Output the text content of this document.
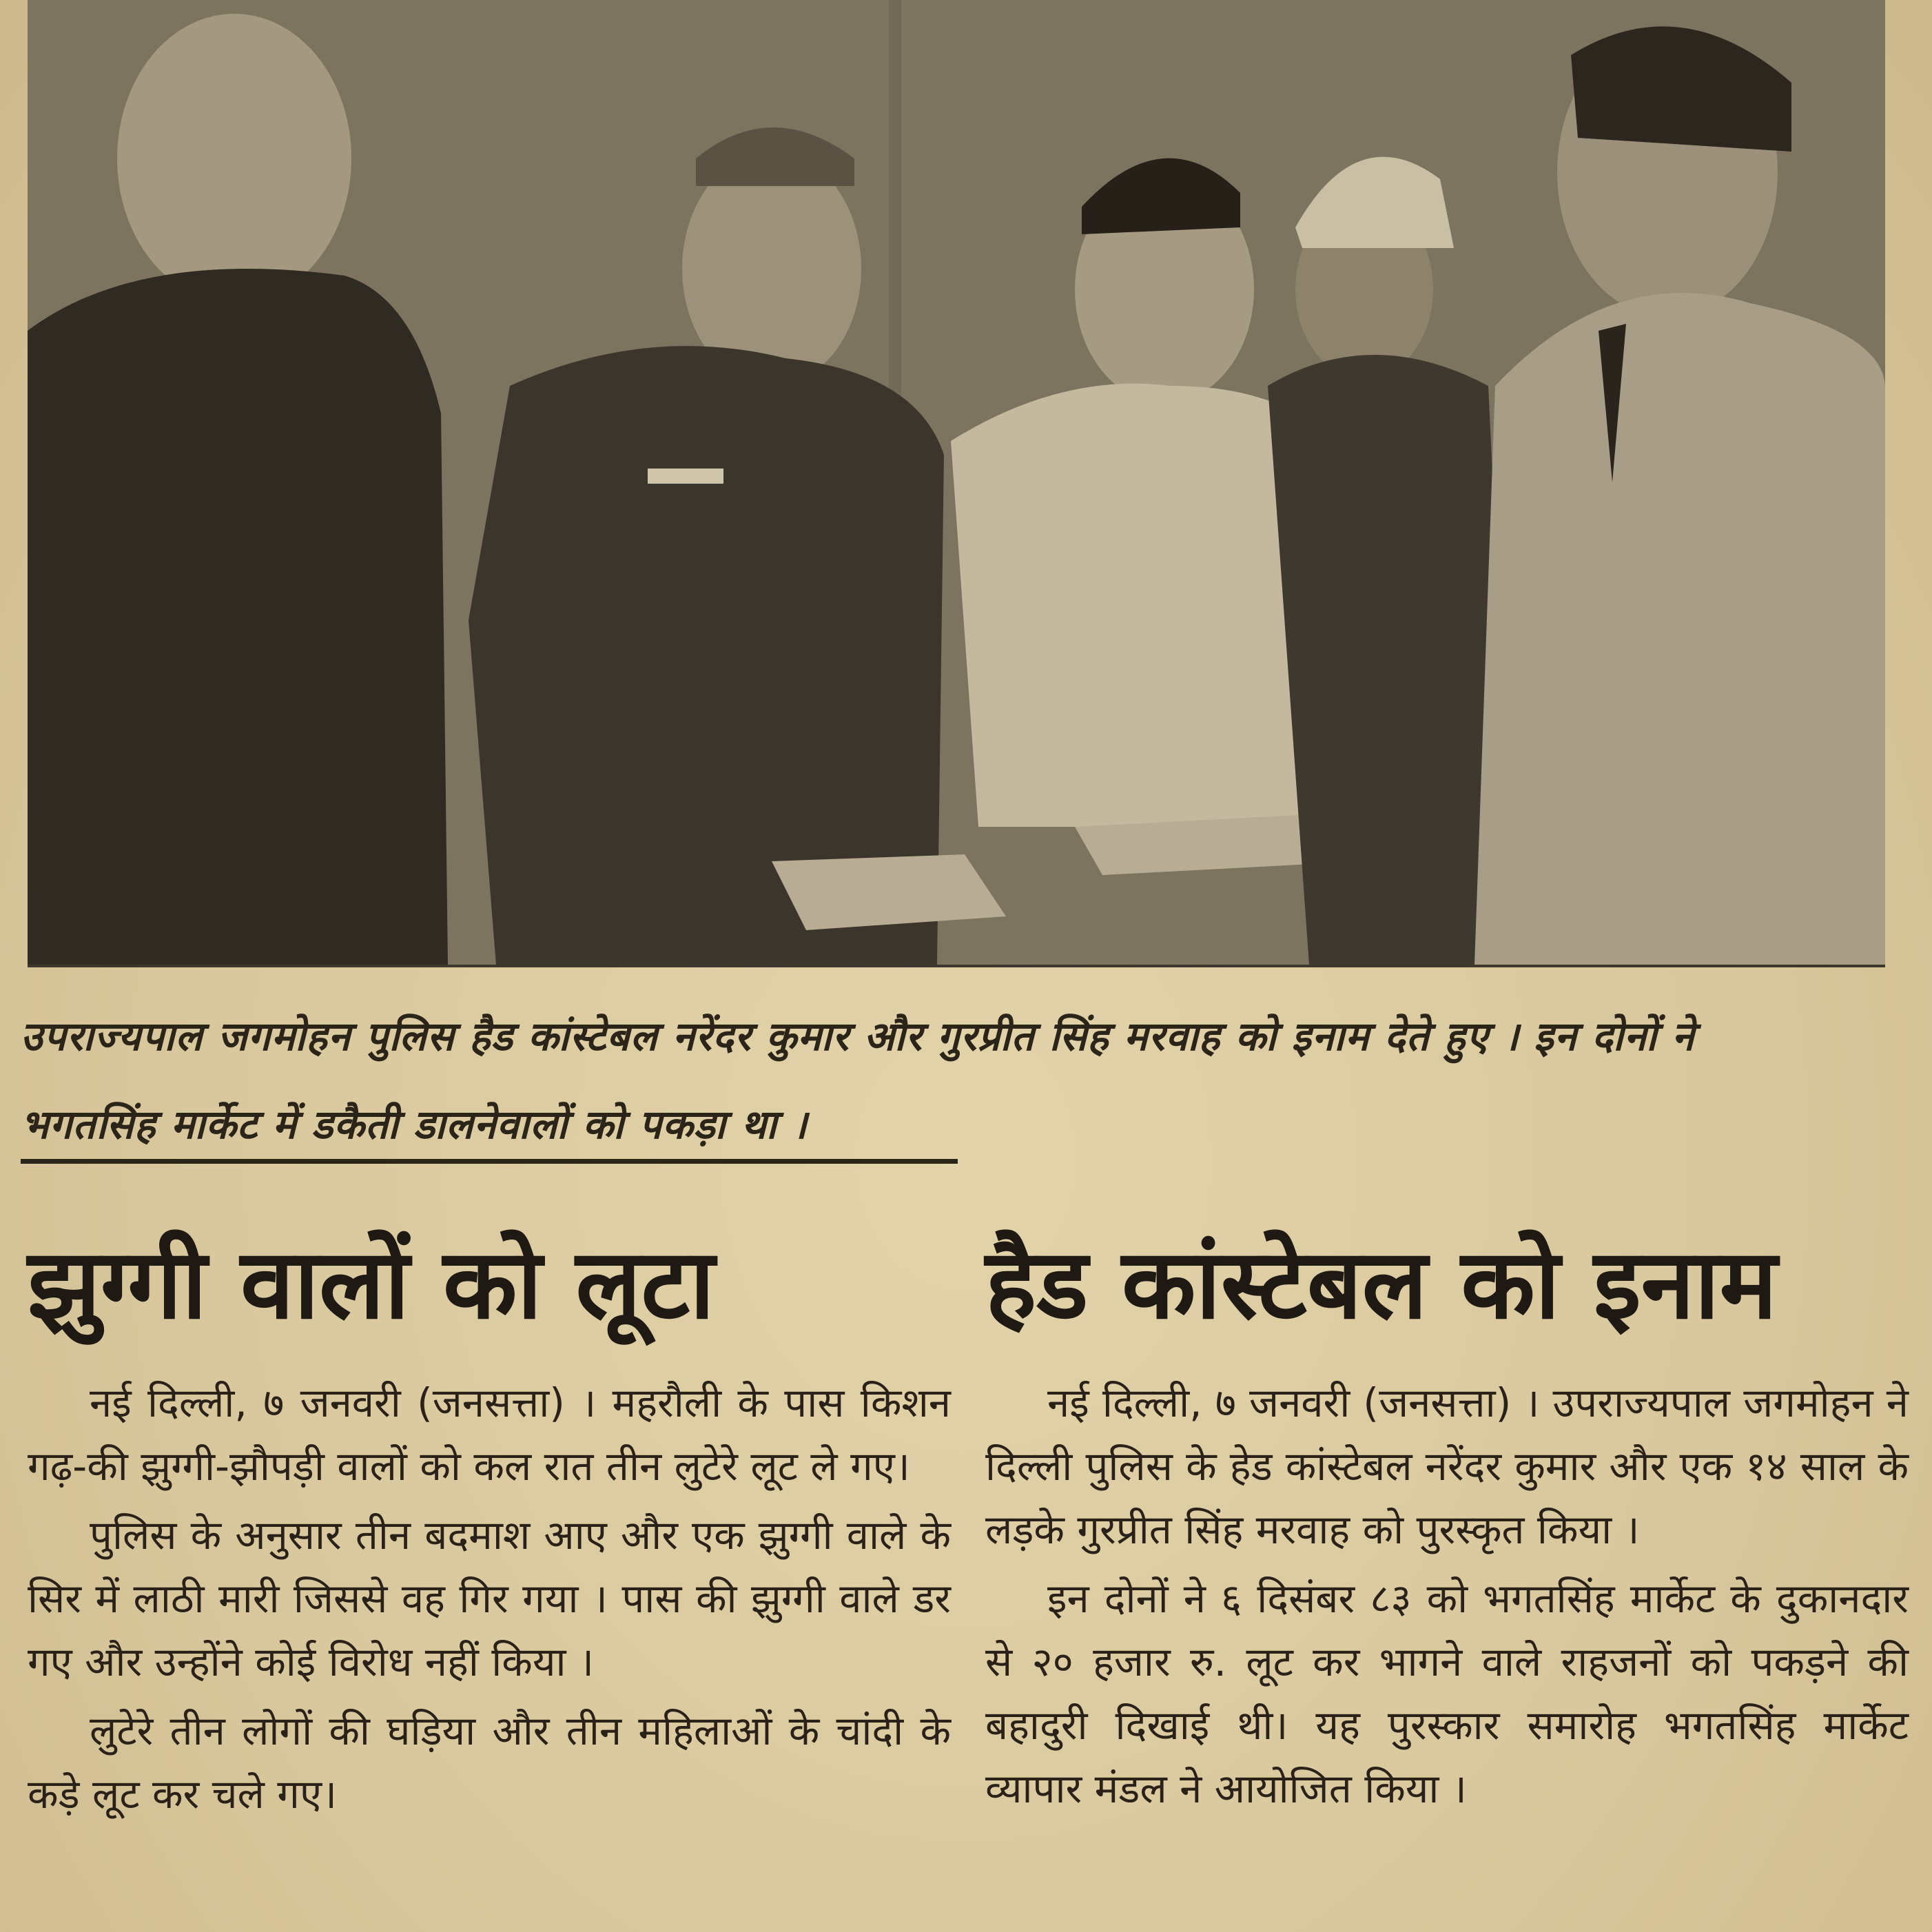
उपराज्यपाल जगमोहन पुलिस हैड कांस्टेबल नरेंदर कुमार और गुरप्रीत सिंह मरवाह को इनाम देते हुए । इन दोनों ने
भगतसिंह मार्केट में डकैती डालनेवालों को पकड़ा था ।
झुग्गी वालों को लूटा

नई दिल्ली, ७ जनवरी (जनसत्ता) । महरौली के पास किशन गढ़-की झुग्गी-झौपड़ी वालों को कल रात तीन लुटेरे लूट ले गए।

पुलिस के अनुसार तीन बदमाश आए और एक झुग्गी वाले के सिर में लाठी मारी जिससे वह गिर गया । पास की झुग्गी वाले डर गए और उन्होंने कोई विरोध नहीं किया ।

लुटेरे तीन लोगों की घड़िया और तीन महिलाओं के चांदी के कड़े लूट कर चले गए।

हैड कांस्टेबल को इनाम

नई दिल्ली, ७ जनवरी (जनसत्ता) । उपराज्यपाल जगमोहन ने दिल्ली पुलिस के हेड कांस्टेबल नरेंदर कुमार और एक १४ साल के लड़के गुरप्रीत सिंह मरवाह को पुरस्कृत किया ।

इन दोनों ने ६ दिसंबर ८३ को भगतसिंह मार्केट के दुकानदार से २० हजार रु. लूट कर भागने वाले राहजनों को पकड़ने की बहादुरी दिखाई थी। यह पुरस्कार समारोह भगतसिंह मार्केट व्यापार मंडल ने आयोजित किया ।
